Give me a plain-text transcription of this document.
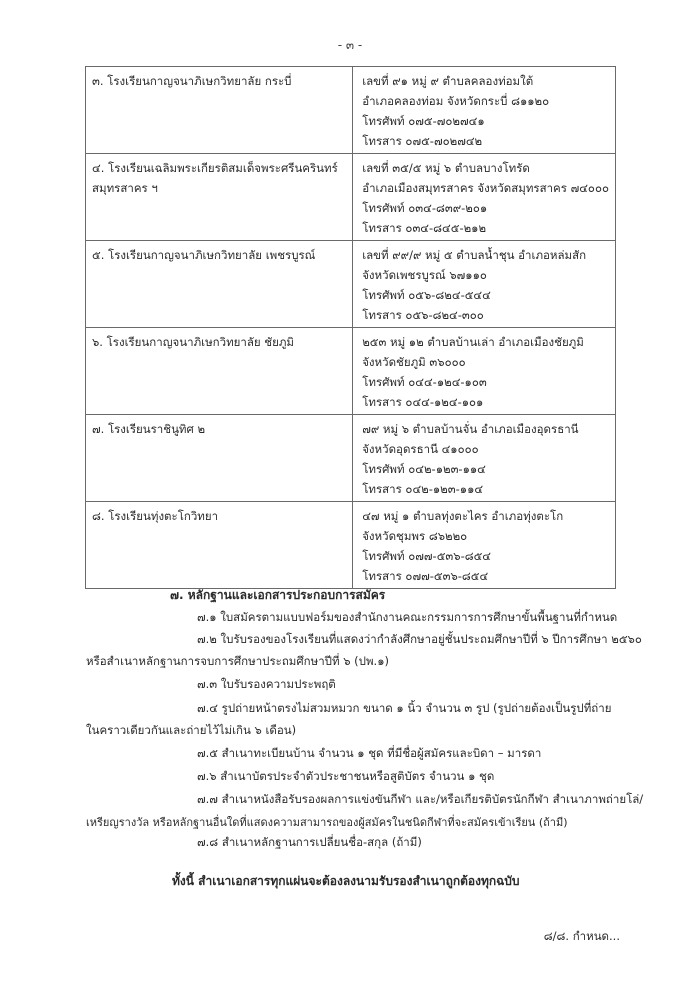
- ๓ -
๓. โรงเรียนกาญจนาภิเษกวิทยาลัย กระบี่	เลขที่ ๙๑ หมู่ ๙ ตำบลคลองท่อมใต้
อำเภอคลองท่อม จังหวัดกระบี่ ๘๑๑๒๐
โทรศัพท์ ๐๗๕-๗๐๒๗๔๑
โทรสาร ๐๗๕-๗๐๒๗๔๒

๔. โรงเรียนเฉลิมพระเกียรติสมเด็จพระศรีนครินทร์ สมุทรสาคร ฯ	เลขที่ ๓๕/๕ หมู่ ๖ ตำบลบางโทรัด
อำเภอเมืองสมุทรสาคร จังหวัดสมุทรสาคร ๗๔๐๐๐
โทรศัพท์ ๐๓๔-๘๓๙-๒๐๑
โทรสาร ๐๓๔-๘๔๕-๒๑๒

๕. โรงเรียนกาญจนาภิเษกวิทยาลัย เพชรบูรณ์	เลขที่ ๙๙/๙ หมู่ ๕ ตำบลน้ำชุน อำเภอหล่มสัก
จังหวัดเพชรบูรณ์ ๖๗๑๑๐
โทรศัพท์ ๐๕๖-๘๒๔-๕๔๔
โทรสาร ๐๕๖-๘๒๔-๓๐๐

๖. โรงเรียนกาญจนาภิเษกวิทยาลัย ชัยภูมิ	๒๕๓ หมู่ ๑๒ ตำบลบ้านเล่า อำเภอเมืองชัยภูมิ
จังหวัดชัยภูมิ ๓๖๐๐๐
โทรศัพท์ ๐๔๔-๑๒๔-๑๐๓
โทรสาร ๐๔๔-๑๒๔-๑๐๑

๗. โรงเรียนราชินูทิศ ๒	๗๙ หมู่ ๖ ตำบลบ้านจั่น อำเภอเมืองอุดรธานี
จังหวัดอุดรธานี ๔๑๐๐๐
โทรศัพท์ ๐๔๒-๑๒๓-๑๑๔
โทรสาร ๐๔๒-๑๒๓-๑๑๔

๘. โรงเรียนทุ่งตะโกวิทยา	๔๗ หมู่ ๑ ตำบลทุ่งตะไคร อำเภอทุ่งตะโก
จังหวัดชุมพร ๘๖๒๒๐
โทรศัพท์ ๐๗๗-๕๓๖-๘๕๔
โทรสาร ๐๗๗-๕๓๖-๘๕๔
๗. หลักฐานและเอกสารประกอบการสมัคร
๗.๑ ใบสมัครตามแบบฟอร์มของสำนักงานคณะกรรมการการศึกษาขั้นพื้นฐานที่กำหนด
๗.๒ ใบรับรองของโรงเรียนที่แสดงว่ากำลังศึกษาอยู่ชั้นประถมศึกษาปีที่ ๖ ปีการศึกษา ๒๕๖๐
หรือสำเนาหลักฐานการจบการศึกษาประถมศึกษาปีที่ ๖ (ปพ.๑)
๗.๓ ใบรับรองความประพฤติ
๗.๔ รูปถ่ายหน้าตรงไม่สวมหมวก ขนาด ๑ นิ้ว จำนวน ๓ รูป (รูปถ่ายต้องเป็นรูปที่ถ่าย
ในคราวเดียวกันและถ่ายไว้ไม่เกิน ๖ เดือน)
๗.๕ สำเนาทะเบียนบ้าน จำนวน ๑ ชุด ที่มีชื่อผู้สมัครและบิดา – มารดา
๗.๖ สำเนาบัตรประจำตัวประชาชนหรือสูติบัตร จำนวน ๑ ชุด
๗.๗ สำเนาหนังสือรับรองผลการแข่งขันกีฬา และ/หรือเกียรติบัตรนักกีฬา สำเนาภาพถ่ายโล่/
เหรียญรางวัล หรือหลักฐานอื่นใดที่แสดงความสามารถของผู้สมัครในชนิดกีฬาที่จะสมัครเข้าเรียน (ถ้ามี)
๗.๘ สำเนาหลักฐานการเปลี่ยนชื่อ-สกุล (ถ้ามี)
ทั้งนี้ สำเนาเอกสารทุกแผ่นจะต้องลงนามรับรองสำเนาถูกต้องทุกฉบับ
๘/๘. กำหนด...
